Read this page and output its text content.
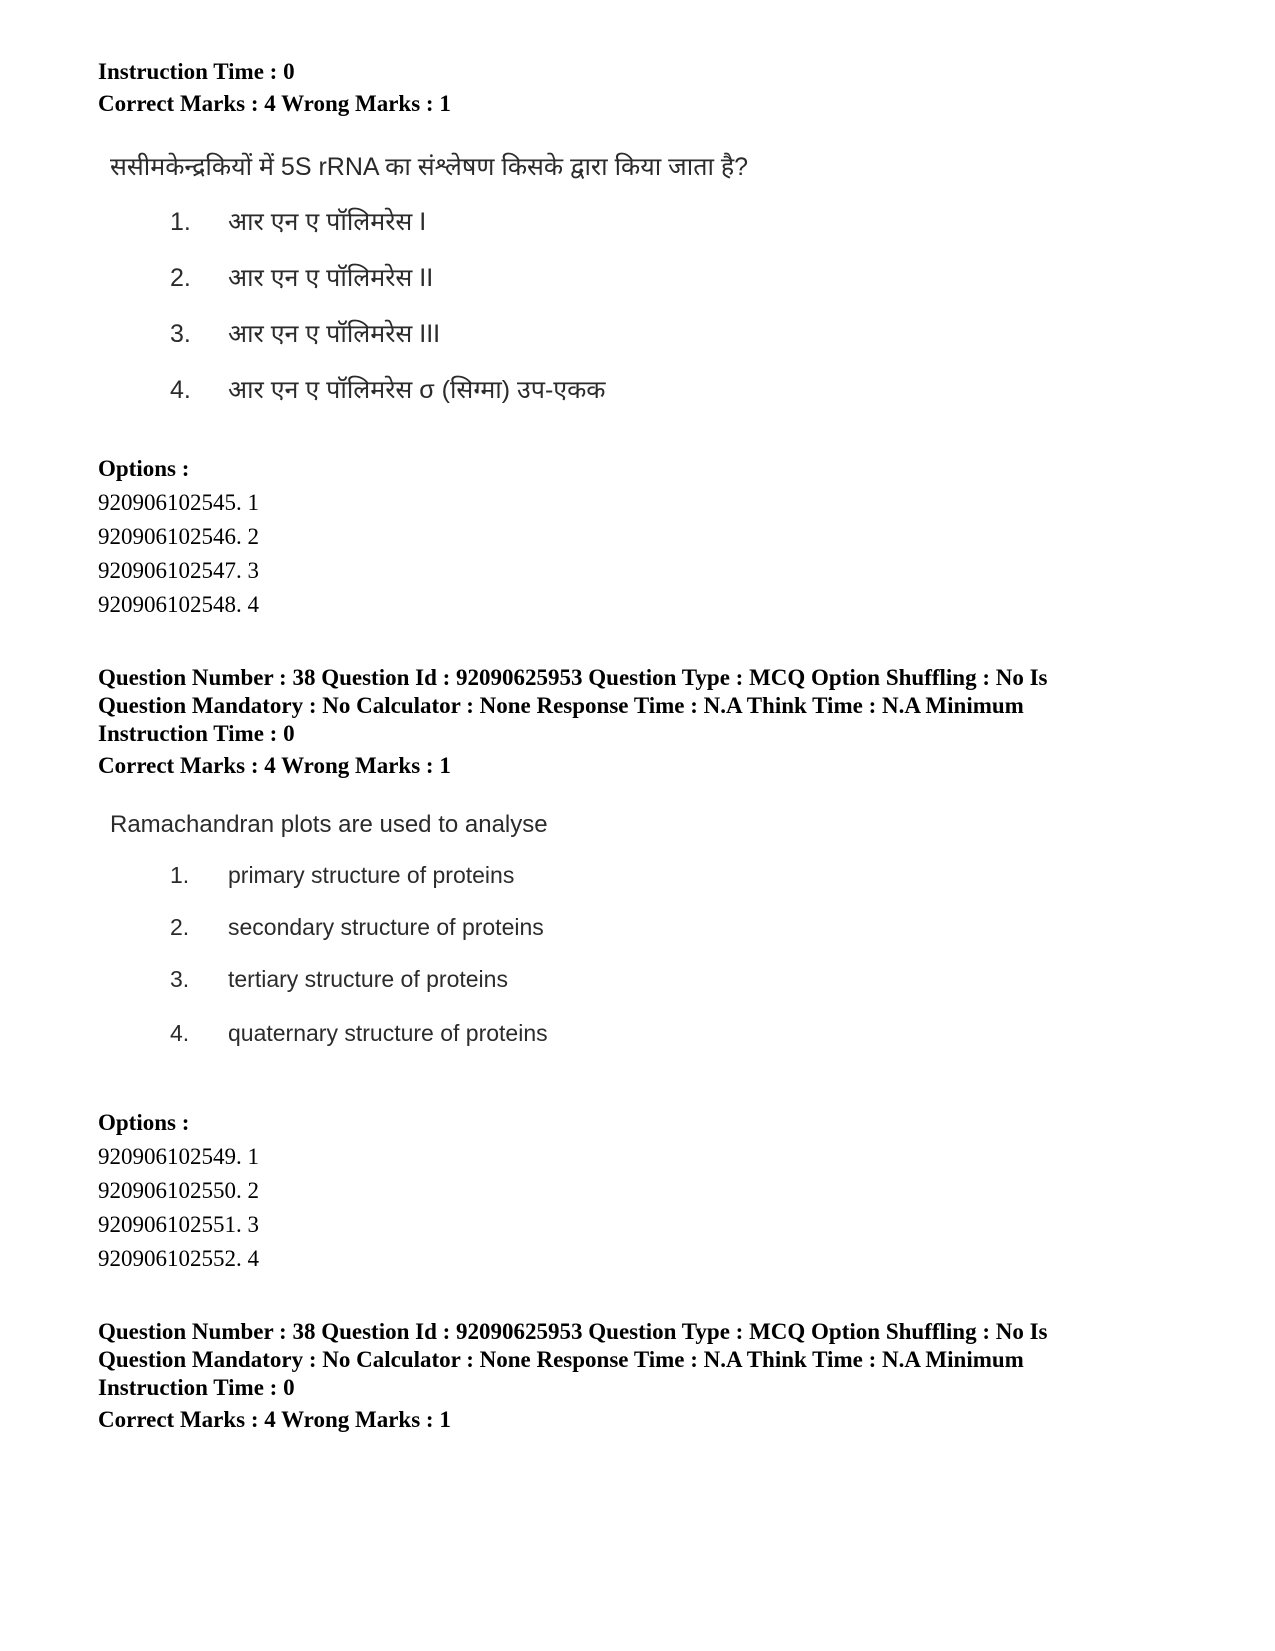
Instruction Time : 0
Correct Marks : 4 Wrong Marks : 1
ससीमकेन्द्रकियों में 5S rRNA का संश्लेषण किसके द्वारा किया जाता है?
1. आर एन ए पॉलिमरेस I
2. आर एन ए पॉलिमरेस II
3. आर एन ए पॉलिमरेस III
4. आर एन ए पॉलिमरेस σ (सिग्मा) उप-एकक
Options :
920906102545. 1
920906102546. 2
920906102547. 3
920906102548. 4
Question Number : 38 Question Id : 92090625953 Question Type : MCQ Option Shuffling : No Is
Question Mandatory : No Calculator : None Response Time : N.A Think Time : N.A Minimum
Instruction Time : 0
Correct Marks : 4 Wrong Marks : 1
Ramachandran plots are used to analyse
1. primary structure of proteins
2. secondary structure of proteins
3. tertiary structure of proteins
4. quaternary structure of proteins
Options :
920906102549. 1
920906102550. 2
920906102551. 3
920906102552. 4
Question Number : 38 Question Id : 92090625953 Question Type : MCQ Option Shuffling : No Is
Question Mandatory : No Calculator : None Response Time : N.A Think Time : N.A Minimum
Instruction Time : 0
Correct Marks : 4 Wrong Marks : 1
